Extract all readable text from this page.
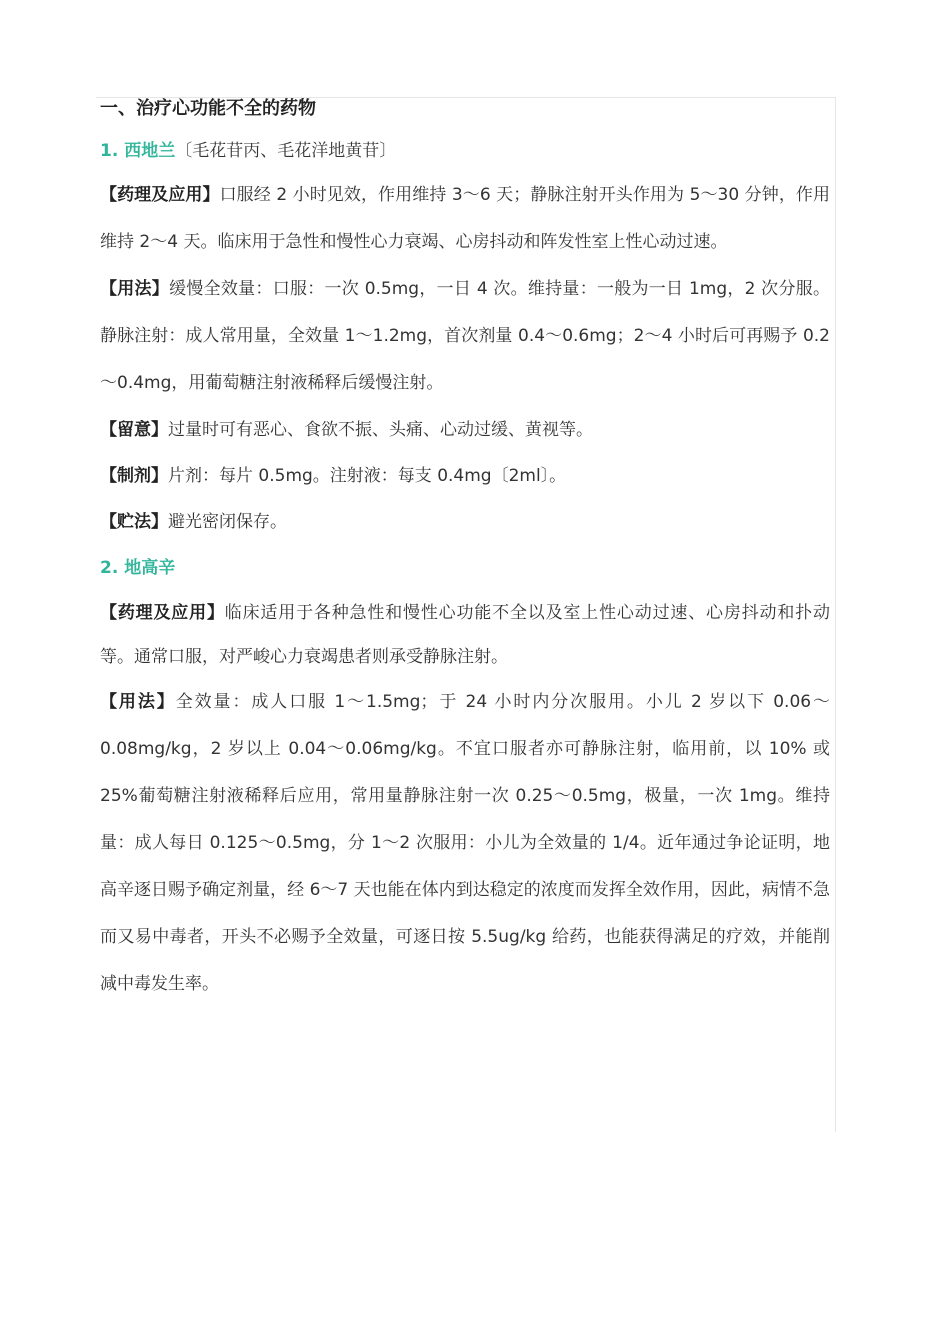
一、治疗心功能不全的药物

1. 西地兰〔毛花苷丙、毛花洋地黄苷〕

【药理及应用】口服经 2 小时见效，作用维持 3～6 天；静脉注射开头作用为 5～30 分钟，作用维持 2～4 天。临床用于急性和慢性心力衰竭、心房抖动和阵发性室上性心动过速。

【用法】缓慢全效量：口服：一次 0.5mg，一日 4 次。维持量：一般为一日 1mg，2 次分服。静脉注射：成人常用量，全效量 1～1.2mg，首次剂量 0.4～0.6mg；2～4 小时后可再赐予 0.2～0.4mg，用葡萄糖注射液稀释后缓慢注射。

【留意】过量时可有恶心、食欲不振、头痛、心动过缓、黄视等。

【制剂】片剂：每片 0.5mg。注射液：每支 0.4mg〔2ml〕。

【贮法】避光密闭保存。

2. 地高辛

【药理及应用】临床适用于各种急性和慢性心功能不全以及室上性心动过速、心房抖动和扑动等。通常口服，对严峻心力衰竭患者则承受静脉注射。

【用法】全效量：成人口服 1～1.5mg；于 24 小时内分次服用。小儿 2 岁以下 0.06～0.08mg/kg，2 岁以上 0.04～0.06mg/kg。不宜口服者亦可静脉注射，临用前，以 10% 或 25%葡萄糖注射液稀释后应用，常用量静脉注射一次 0.25～0.5mg，极量，一次 1mg。维持量：成人每日 0.125～0.5mg，分 1～2 次服用：小儿为全效量的 1/4。近年通过争论证明，地高辛逐日赐予确定剂量，经 6～7 天也能在体内到达稳定的浓度而发挥全效作用，因此，病情不急而又易中毒者，开头不必赐予全效量，可逐日按 5.5ug/kg 给药，也能获得满足的疗效，并能削减中毒发生率。
